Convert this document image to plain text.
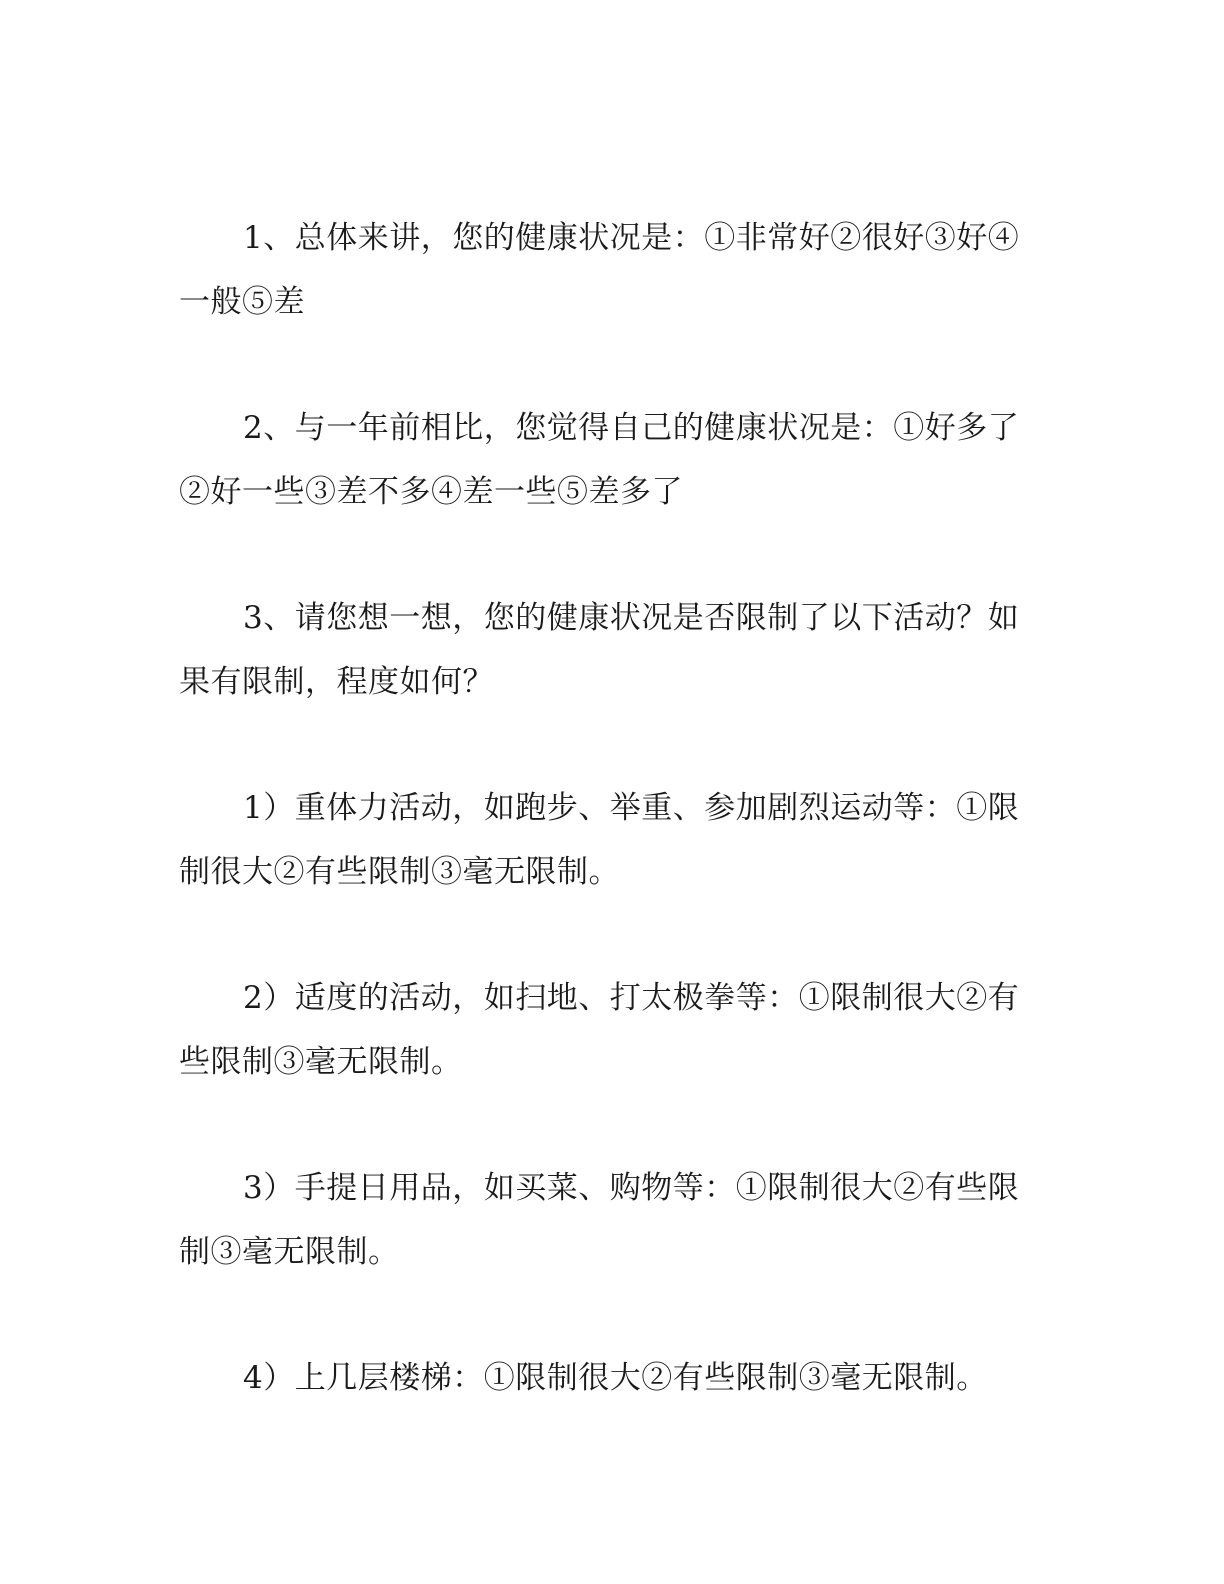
1、总体来讲，您的健康状况是：①非常好②很好③好④一般⑤差

2、与一年前相比，您觉得自己的健康状况是：①好多了②好一些③差不多④差一些⑤差多了

3、请您想一想，您的健康状况是否限制了以下活动？如果有限制，程度如何？

1）重体力活动，如跑步、举重、参加剧烈运动等：①限制很大②有些限制③毫无限制。

2）适度的活动，如扫地、打太极拳等：①限制很大②有些限制③毫无限制。

3）手提日用品，如买菜、购物等：①限制很大②有些限制③毫无限制。

4）上几层楼梯：①限制很大②有些限制③毫无限制。
